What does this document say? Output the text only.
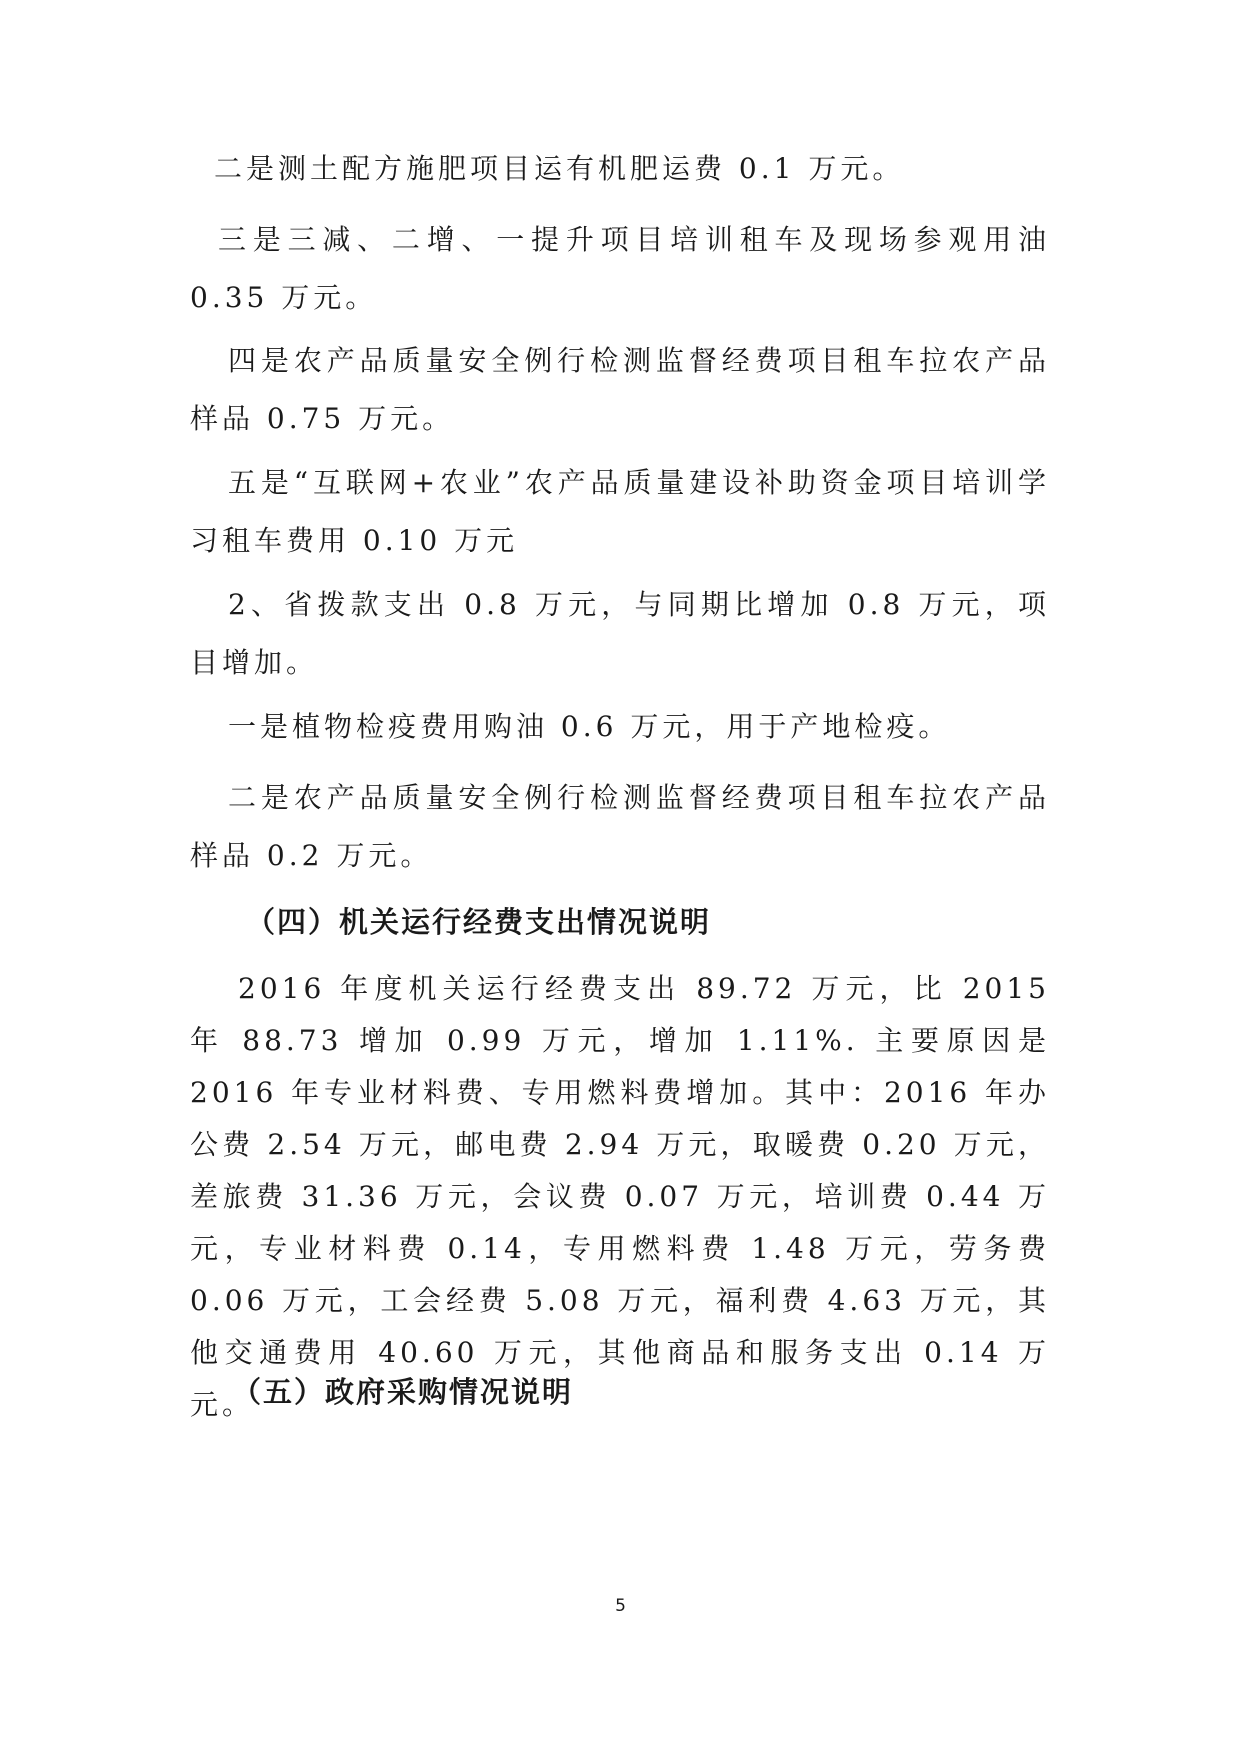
二是测土配方施肥项目运有机肥运费 0.1 万元。

三是三减、二增、一提升项目培训租车及现场参观用油 0.35 万元。

四是农产品质量安全例行检测监督经费项目租车拉农产品样品 0.75 万元。

五是“互联网+农业”农产品质量建设补助资金项目培训学习租车费用 0.10 万元

2、省拨款支出 0.8 万元，与同期比增加 0.8 万元，项目增加。

一是植物检疫费用购油 0.6 万元，用于产地检疫。

二是农产品质量安全例行检测监督经费项目租车拉农产品样品 0.2 万元。

（四）机关运行经费支出情况说明

2016 年度机关运行经费支出 89.72 万元，比 2015 年 88.73 增加 0.99 万元，增加 1.11%. 主要原因是 2016 年专业材料费、专用燃料费增加。其中：2016 年办公费 2.54 万元，邮电费 2.94 万元，取暖费 0.20 万元，差旅费 31.36 万元，会议费 0.07 万元，培训费 0.44 万元，专业材料费 0.14，专用燃料费 1.48 万元，劳务费 0.06 万元，工会经费 5.08 万元，福利费 4.63 万元，其他交通费用 40.60 万元，其他商品和服务支出 0.14 万元。

（五）政府采购情况说明
5
